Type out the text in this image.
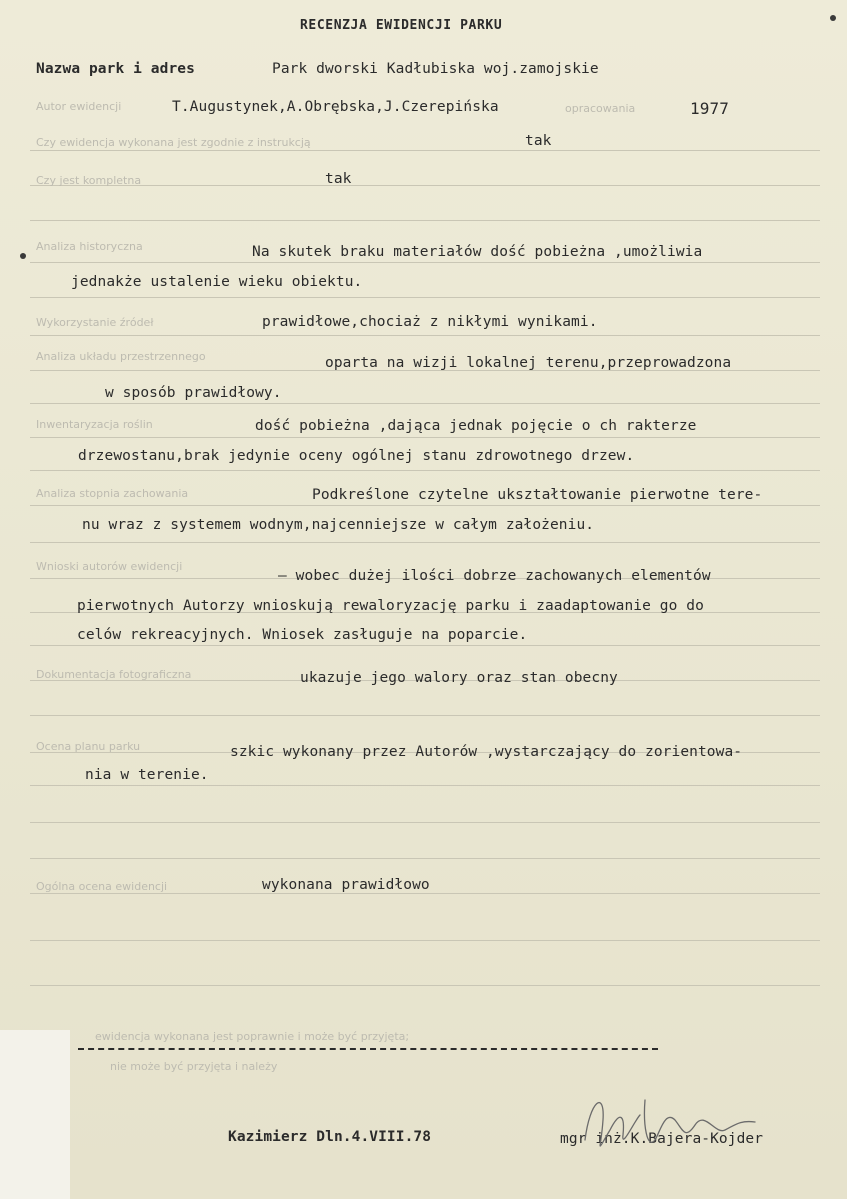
RECENZJA EWIDENCJI PARKU
Nazwa park i adres	Park dworski Kadłubiska woj.zamojskie
Autor ewidencji	T.Augustynek,A.Obrębska,J.Czerepińska	opracowania	1977
Czy ewidencja wykonana jest zgodnie z instrukcją	tak
Czy jest kompletna	tak
Analiza historyczna	Na skutek braku materiałów dość pobieżna ,umożliwia
jednakże ustalenie wieku obiektu.
Wykorzystanie źródeł	prawidłowe,chociaż z nikłymi wynikami.
Analiza układu przestrzennego	oparta na wizji lokalnej terenu,przeprowadzona
w sposób prawidłowy.
Inwentaryzacja roślin	dość pobieżna ,dająca jednak pojęcie o ch rakterze
drzewostanu,brak jedynie oceny ogólnej stanu zdrowotnego drzew.
Analiza stopnia zachowania	Podkreślone czytelne ukształtowanie pierwotne tere-
nu wraz z systemem wodnym,najcenniejsze w całym założeniu.
Wnioski autorów ewidencji
— wobec dużej ilości dobrze zachowanych elementów
pierwotnych Autorzy wnioskują rewaloryzację parku i zaadaptowanie go do
celów rekreacyjnych. Wniosek zasługuje na poparcie.
Dokumentacja fotograficzna	ukazuje jego walory oraz stan obecny
Ocena planu parku	szkic wykonany przez Autorów ,wystarczający do zorientowa-
nia w terenie.
Ogólna ocena ewidencji	wykonana prawidłowo
ewidencja wykonana jest poprawnie i może być przyjęta;
nie może być przyjęta i należy
Kazimierz Dln.4.VIII.78	mgr inż.K.Bajera-Kojder
